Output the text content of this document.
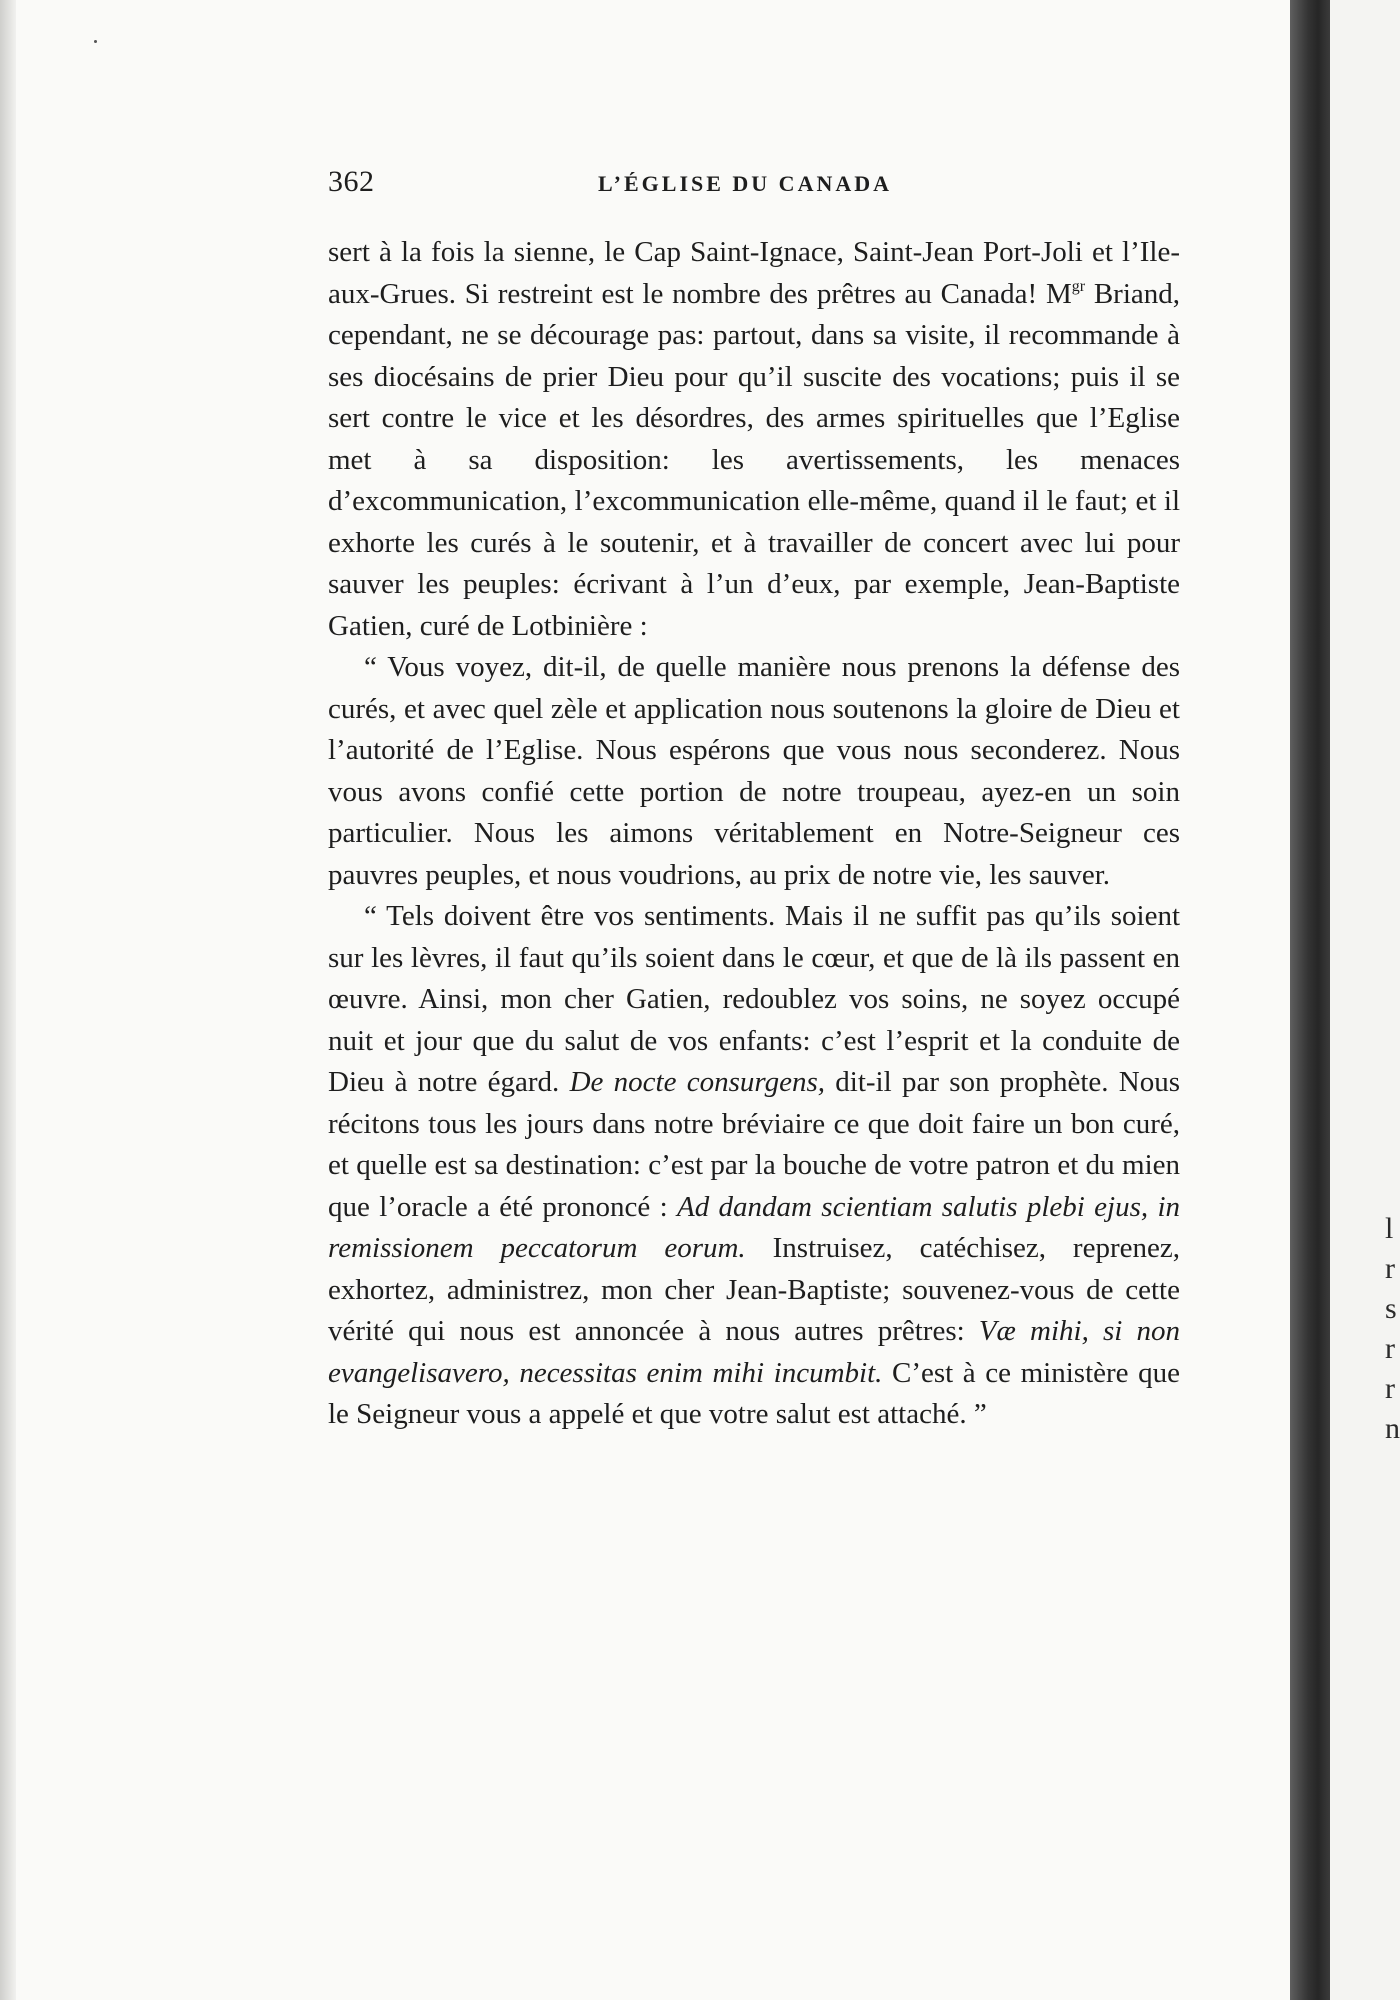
362	L’ÉGLISE DU CANADA

sert à la fois la sienne, le Cap Saint-Ignace, Saint-Jean Port-Joli et l’Ile-aux-Grues. Si restreint est le nombre des prêtres au Canada! $M^{gr}$ Briand, cependant, ne se décourage pas: partout, dans sa visite, il recommande à ses diocésains de prier Dieu pour qu’il suscite des vocations; puis il se sert contre le vice et les désordres, des armes spirituelles que l’Eglise met à sa disposition: les avertissements, les menaces d’excommunication, l’excommunication elle-même, quand il le faut; et il exhorte les curés à le soutenir, et à travailler de concert avec lui pour sauver les peuples: écrivant à l’un d’eux, par exemple, Jean-Baptiste Gatien, curé de Lotbinière :

“ Vous voyez, dit-il, de quelle manière nous prenons la défense des curés, et avec quel zèle et application nous soutenons la gloire de Dieu et l’autorité de l’Eglise. Nous espérons que vous nous seconderez. Nous vous avons confié cette portion de notre troupeau, ayez-en un soin particulier. Nous les aimons véritablement en Notre-Seigneur ces pauvres peuples, et nous voudrions, au prix de notre vie, les sauver.

“ Tels doivent être vos sentiments. Mais il ne suffit pas qu’ils soient sur les lèvres, il faut qu’ils soient dans le cœur, et que de là ils passent en œuvre. Ainsi, mon cher Gatien, redoublez vos soins, ne soyez occupé nuit et jour que du salut de vos enfants: c’est l’esprit et la conduite de Dieu à notre égard. De nocte consurgens, dit-il par son prophète. Nous récitons tous les jours dans notre bréviaire ce que doit faire un bon curé, et quelle est sa destination: c’est par la bouche de votre patron et du mien que l’oracle a été prononcé : Ad dandam scientiam salutis plebi ejus, in remissionem peccatorum eorum. Instruisez, catéchisez, reprenez, exhortez, administrez, mon cher Jean-Baptiste; souvenez-vous de cette vérité qui nous est annoncée à nous autres prêtres: Væ mihi, si non evangelisavero, necessitas enim mihi incumbit. C’est à ce ministère que le Seigneur vous a appelé et que votre salut est attaché. ”

l
r
s
r
r
n
